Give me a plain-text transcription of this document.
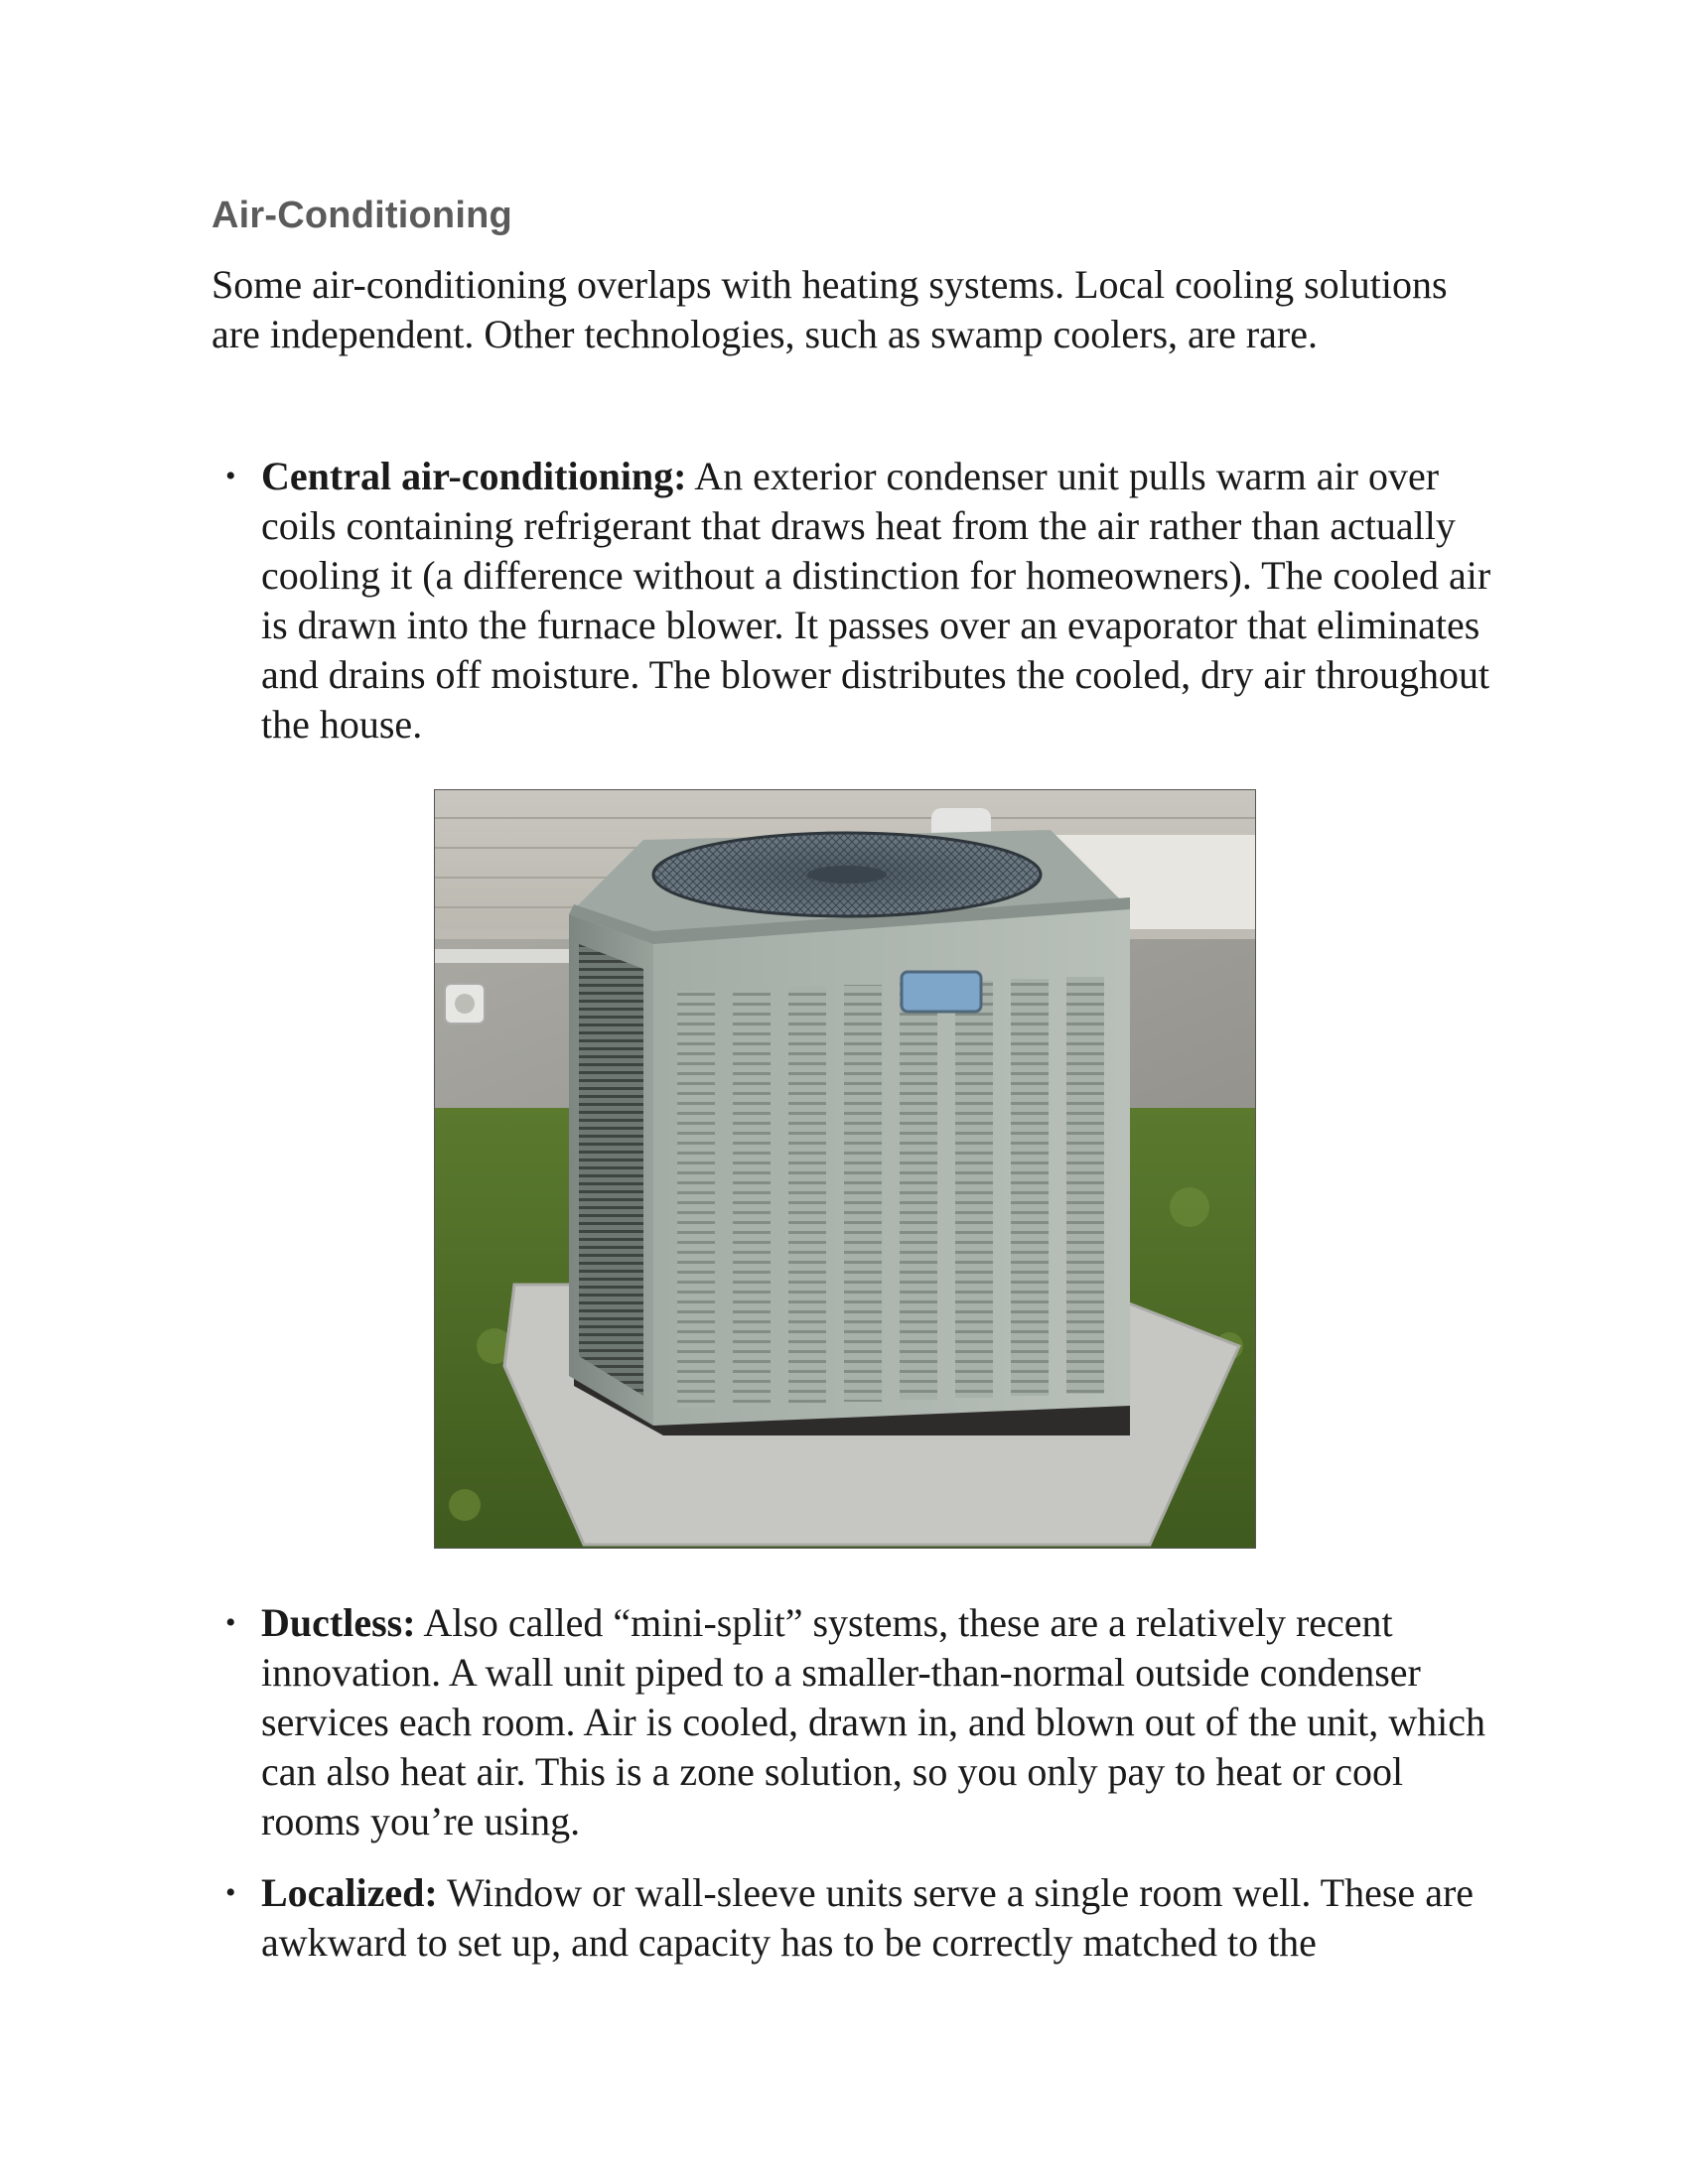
Air-Conditioning

Some air-conditioning overlaps with heating systems. Local cooling solutions are independent. Other technologies, such as swamp coolers, are rare.

• Central air-conditioning: An exterior condenser unit pulls warm air over coils containing refrigerant that draws heat from the air rather than actually cooling it (a difference without a distinction for homeowners). The cooled air is drawn into the furnace blower. It passes over an evaporator that eliminates and drains off moisture. The blower distributes the cooled, dry air throughout the house.
• Ductless: Also called “mini-split” systems, these are a relatively recent innovation. A wall unit piped to a smaller-than-normal outside condenser services each room. Air is cooled, drawn in, and blown out of the unit, which can also heat air. This is a zone solution, so you only pay to heat or cool rooms you’re using.
• Localized: Window or wall-sleeve units serve a single room well. These are awkward to set up, and capacity has to be correctly matched to the
